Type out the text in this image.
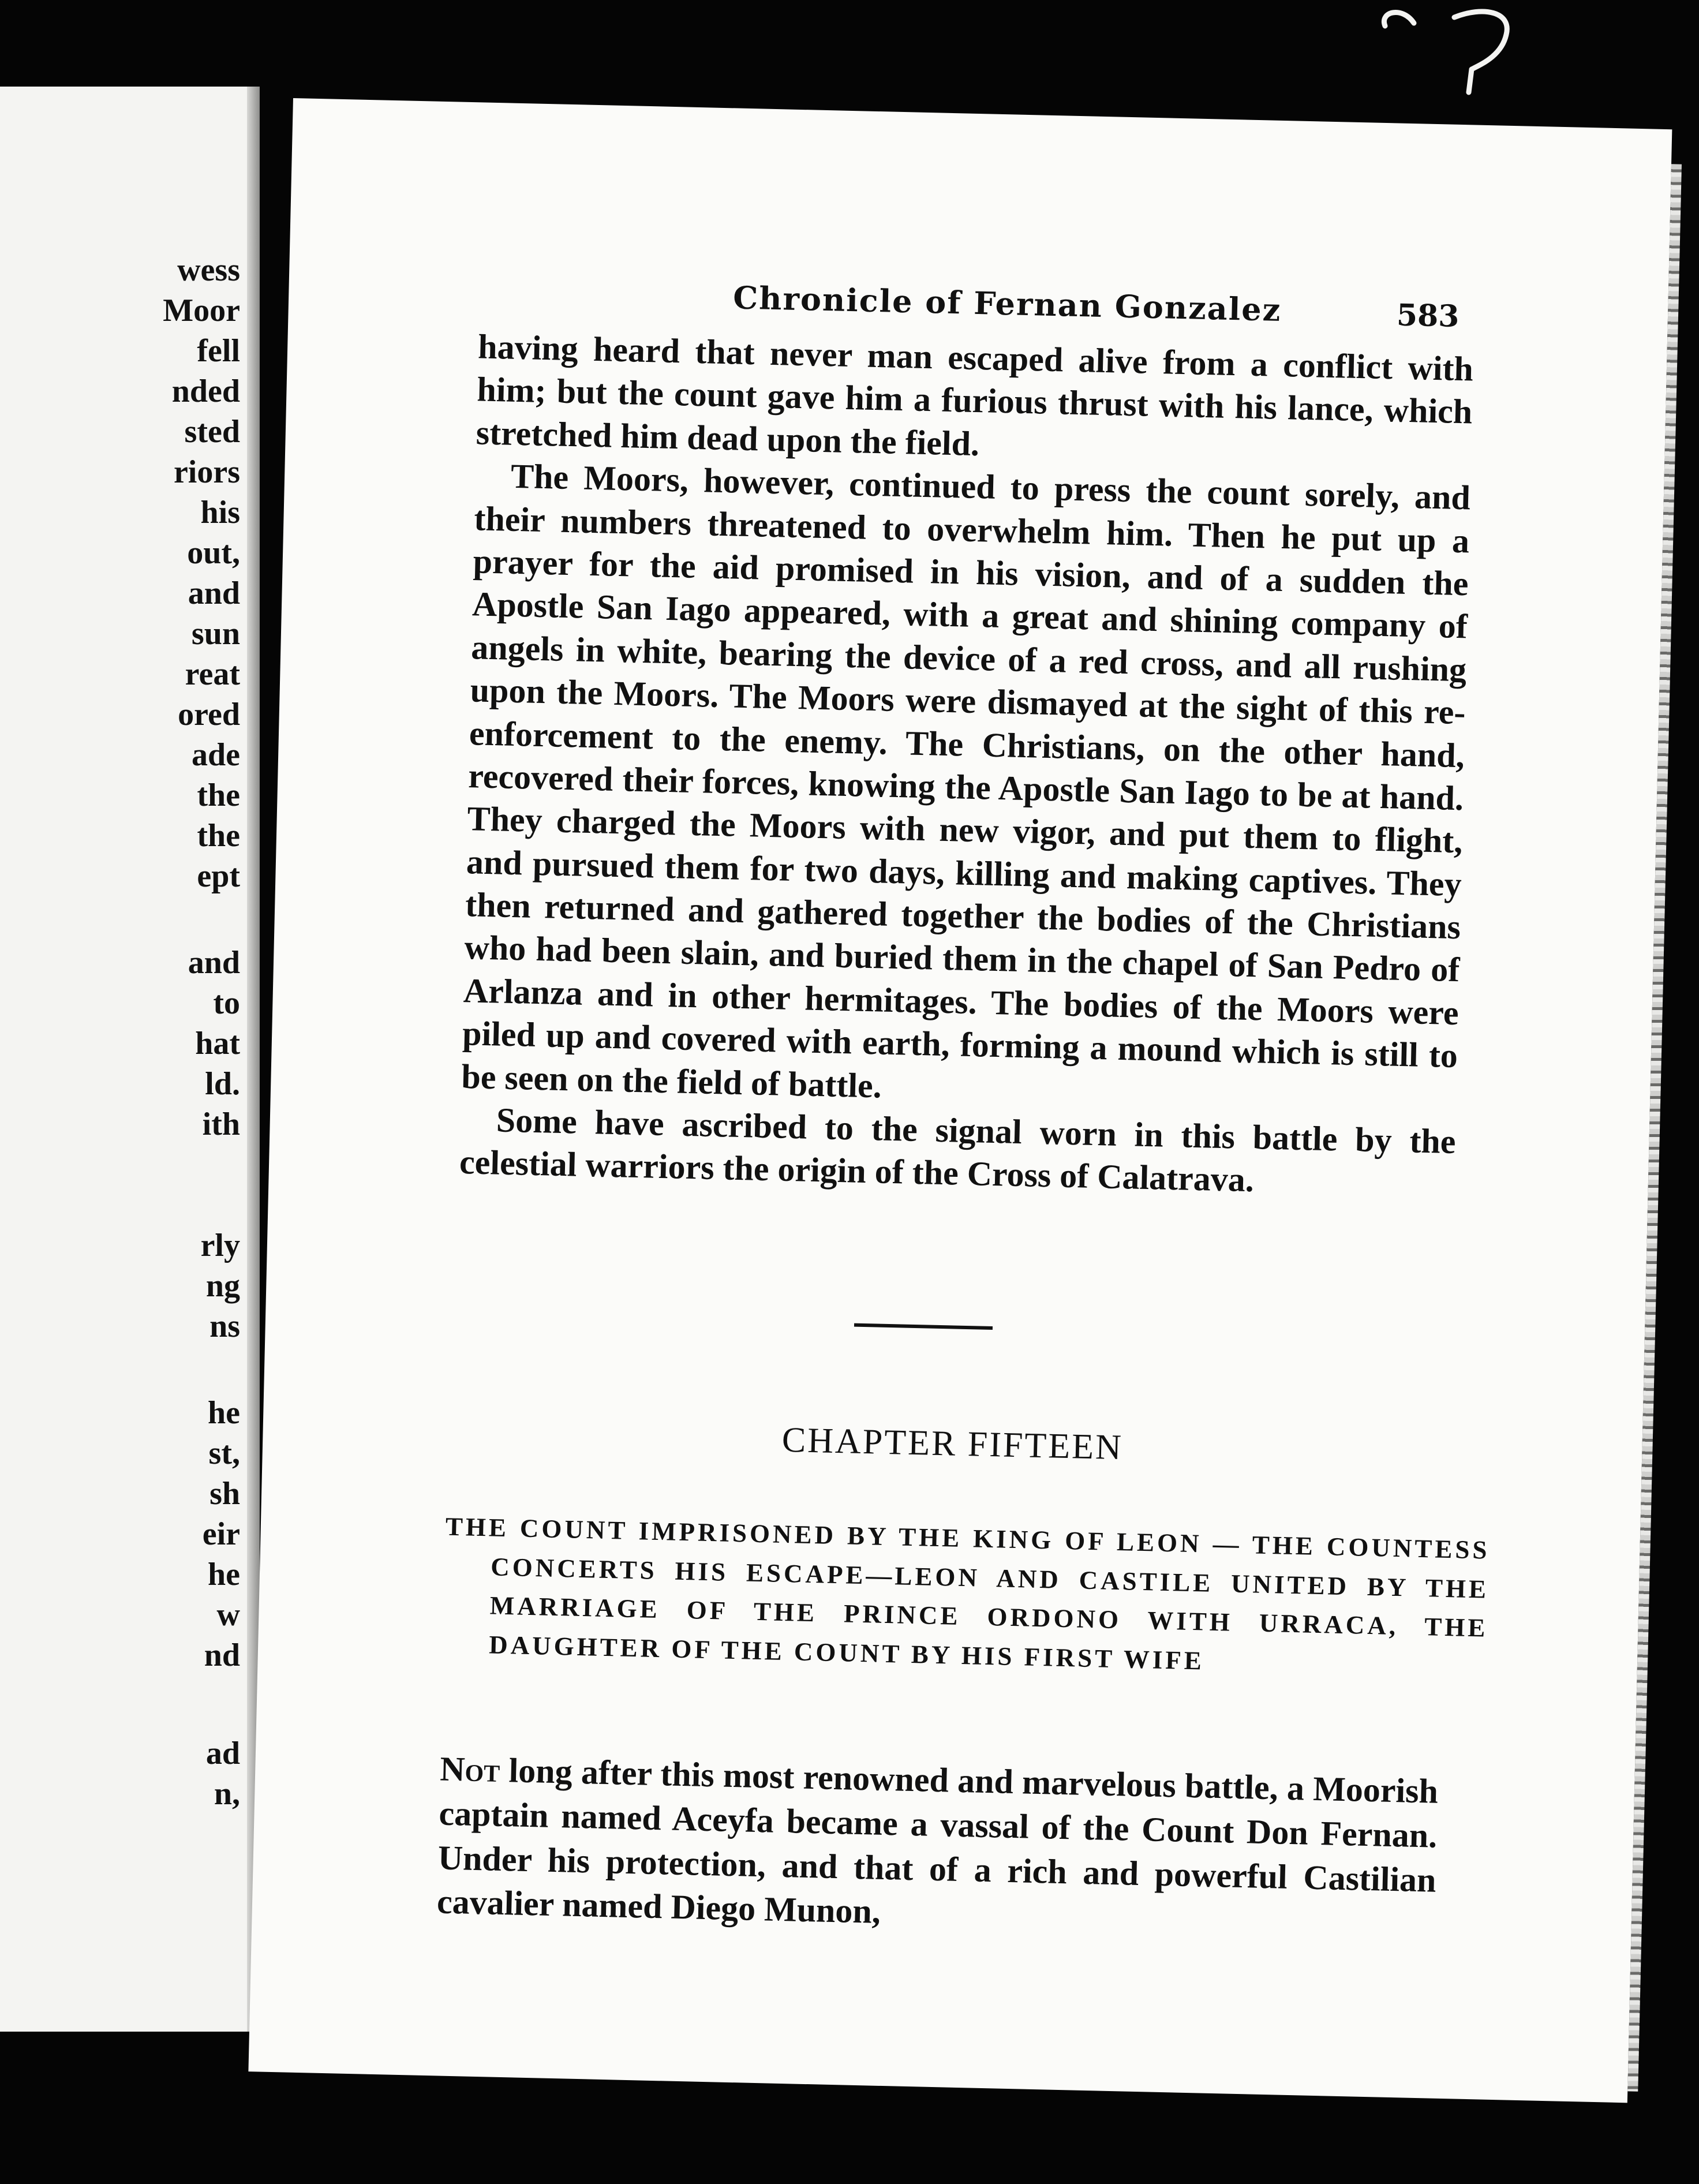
wess

Moor

fell

nded

sted

riors

his

out,

and

sun

reat

ored

ade

the

the

ept

and

to

hat

ld.

ith

rly

ng

ns

he

st,

sh

eir

he

w

nd

ad

n,

Chronicle of Fernan Gonzalez	583

having heard that never man escaped alive from a conflict with him; but the count gave him a furious thrust with his lance, which stretched him dead upon the field.

The Moors, however, continued to press the count sorely, and their numbers threatened to overwhelm him. Then he put up a prayer for the aid promised in his vision, and of a sudden the Apostle San Iago appeared, with a great and shining company of angels in white, bearing the device of a red cross, and all rushing upon the Moors. The Moors were dismayed at the sight of this re-enforcement to the enemy. The Christians, on the other hand, recovered their forces, knowing the Apostle San Iago to be at hand. They charged the Moors with new vigor, and put them to flight, and pursued them for two days, killing and making captives. They then returned and gathered together the bodies of the Christians who had been slain, and buried them in the chapel of San Pedro of Arlanza and in other hermitages. The bodies of the Moors were piled up and covered with earth, forming a mound which is still to be seen on the field of battle.

Some have ascribed to the signal worn in this battle by the celestial warriors the origin of the Cross of Calatrava.

CHAPTER FIFTEEN

THE COUNT IMPRISONED BY THE KING OF LEON — THE COUNTESS CONCERTS HIS ESCAPE—LEON AND CASTILE UNITED BY THE MARRIAGE OF THE PRINCE ORDONO WITH URRACA, THE DAUGHTER OF THE COUNT BY HIS FIRST WIFE

Not long after this most renowned and marvelous battle, a Moorish captain named Aceyfa became a vassal of the Count Don Fernan. Under his protection, and that of a rich and powerful Castilian cavalier named Diego Munon,
